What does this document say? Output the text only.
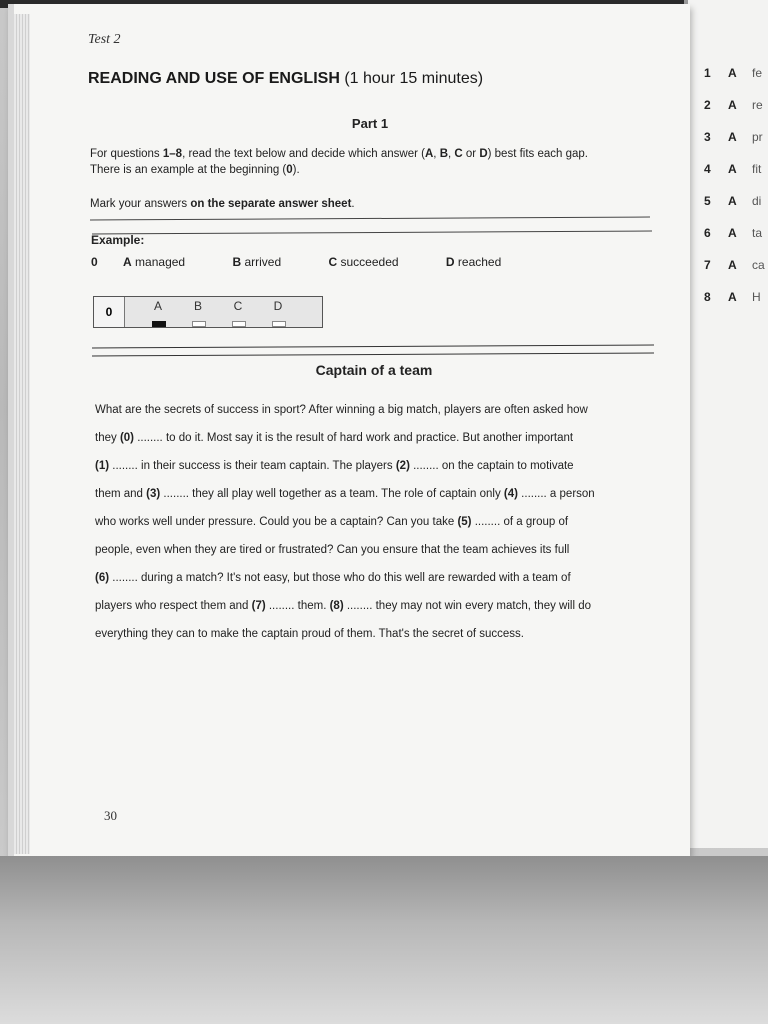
Test 2
READING AND USE OF ENGLISH (1 hour 15 minutes)
Part 1
For questions 1–8, read the text below and decide which answer (A, B, C or D) best fits each gap.
There is an example at the beginning (0).
Mark your answers on the separate answer sheet.
Example:
0 A managed	B arrived	C succeeded	D reached
0	A	B	C	D
Captain of a team

What are the secrets of success in sport? After winning a big match, players are often asked how

they (0) ........ to do it. Most say it is the result of hard work and practice. But another important

(1) ........ in their success is their team captain. The players (2) ........ on the captain to motivate

them and (3) ........ they all play well together as a team. The role of captain only (4) ........ a person

who works well under pressure. Could you be a captain? Can you take (5) ........ of a group of

people, even when they are tired or frustrated? Can you ensure that the team achieves its full

(6) ........ during a match? It's not easy, but those who do this well are rewarded with a team of

players who respect them and (7) ........ them. (8) ........ they may not win every match, they will do

everything they can to make the captain proud of them. That's the secret of success.

30
1 A fe
2 A re
3 A pr
4 A fit
5 A di
6 A ta
7 A ca
8 A H
